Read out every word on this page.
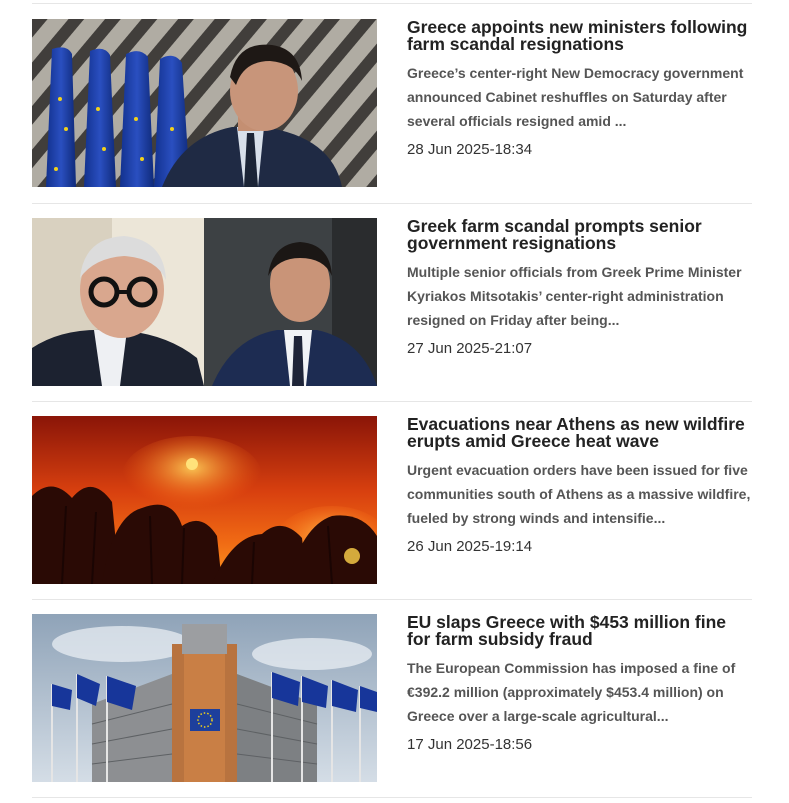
Greece appoints new ministers following farm scandal resignations
Greece’s center-right New Democracy government announced Cabinet reshuffles on Saturday after several officials resigned amid ...
28 Jun 2025-18:34
Greek farm scandal prompts senior government resignations
Multiple senior officials from Greek Prime Minister Kyriakos Mitsotakis’ center-right administration resigned on Friday after being...
27 Jun 2025-21:07
Evacuations near Athens as new wildfire erupts amid Greece heat wave
Urgent evacuation orders have been issued for five communities south of Athens as a massive wildfire, fueled by strong winds and intensifie...
26 Jun 2025-19:14
EU slaps Greece with $453 million fine for farm subsidy fraud
The European Commission has imposed a fine of €392.2 million (approximately $453.4 million) on Greece over a large-scale agricultural...
17 Jun 2025-18:56
